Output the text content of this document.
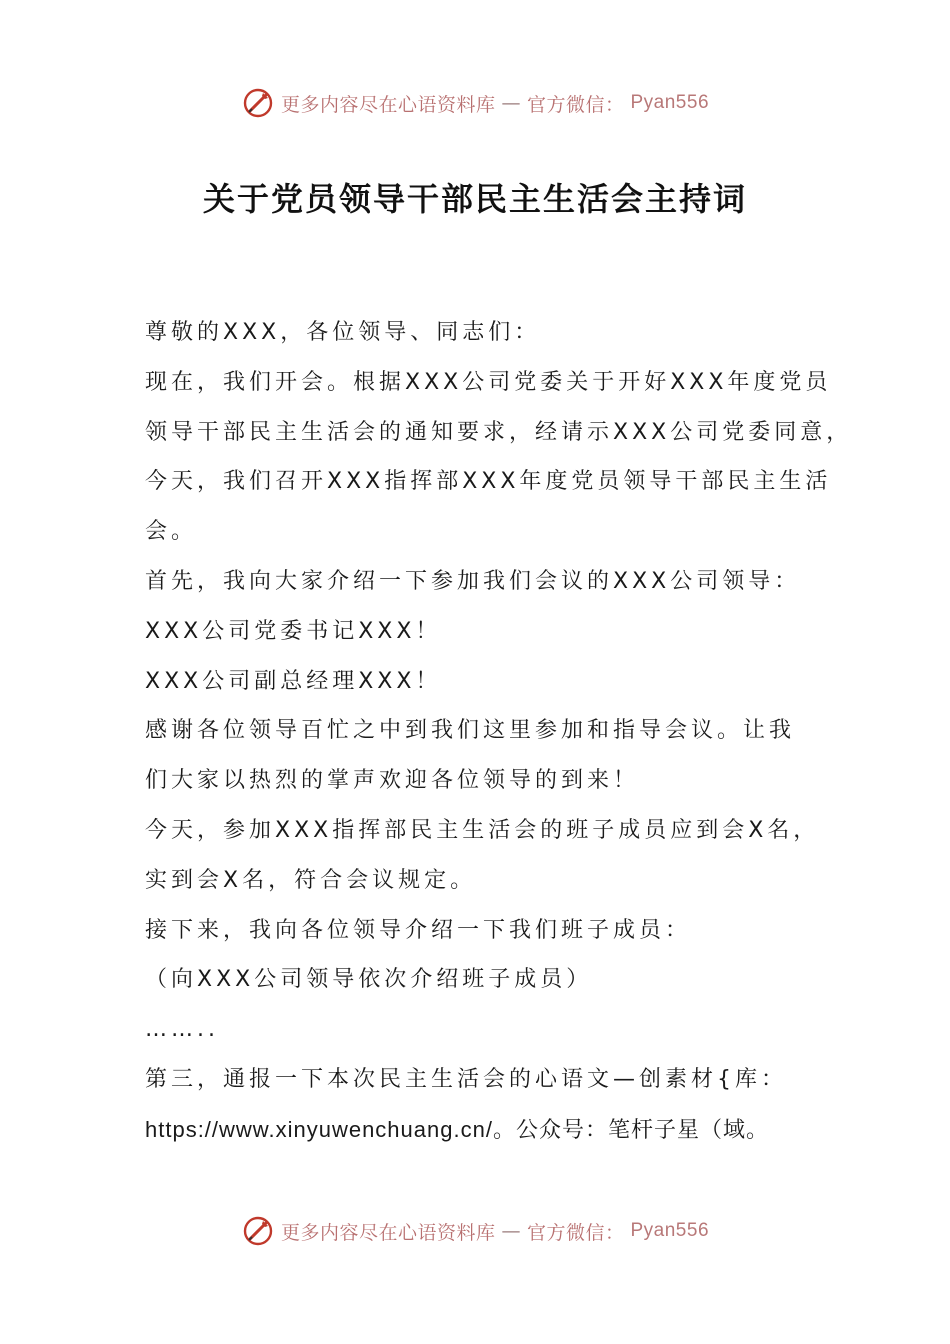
更多内容尽在心语资料库 — 官方微信： Pyan556
关于党员领导干部民主生活会主持词
尊敬的XXX，各位领导、同志们：
现在，我们开会。根据XXX公司党委关于开好XXX年度党员
领导干部民主生活会的通知要求，经请示XXX公司党委同意，
今天，我们召开XXX指挥部XXX年度党员领导干部民主生活
会。
首先，我向大家介绍一下参加我们会议的XXX公司领导：
XXX公司党委书记XXX！
XXX公司副总经理XXX！
感谢各位领导百忙之中到我们这里参加和指导会议。让我
们大家以热烈的掌声欢迎各位领导的到来！
今天，参加XXX指挥部民主生活会的班子成员应到会X名，
实到会X名，符合会议规定。
接下来，我向各位领导介绍一下我们班子成员：
（向XXX公司领导依次介绍班子成员）
……..
第三，通报一下本次民主生活会的心语文—创素材{库：
https://www.xinyuwenchuang.cn/。公众号：笔杆子星（域。
更多内容尽在心语资料库 — 官方微信： Pyan556
